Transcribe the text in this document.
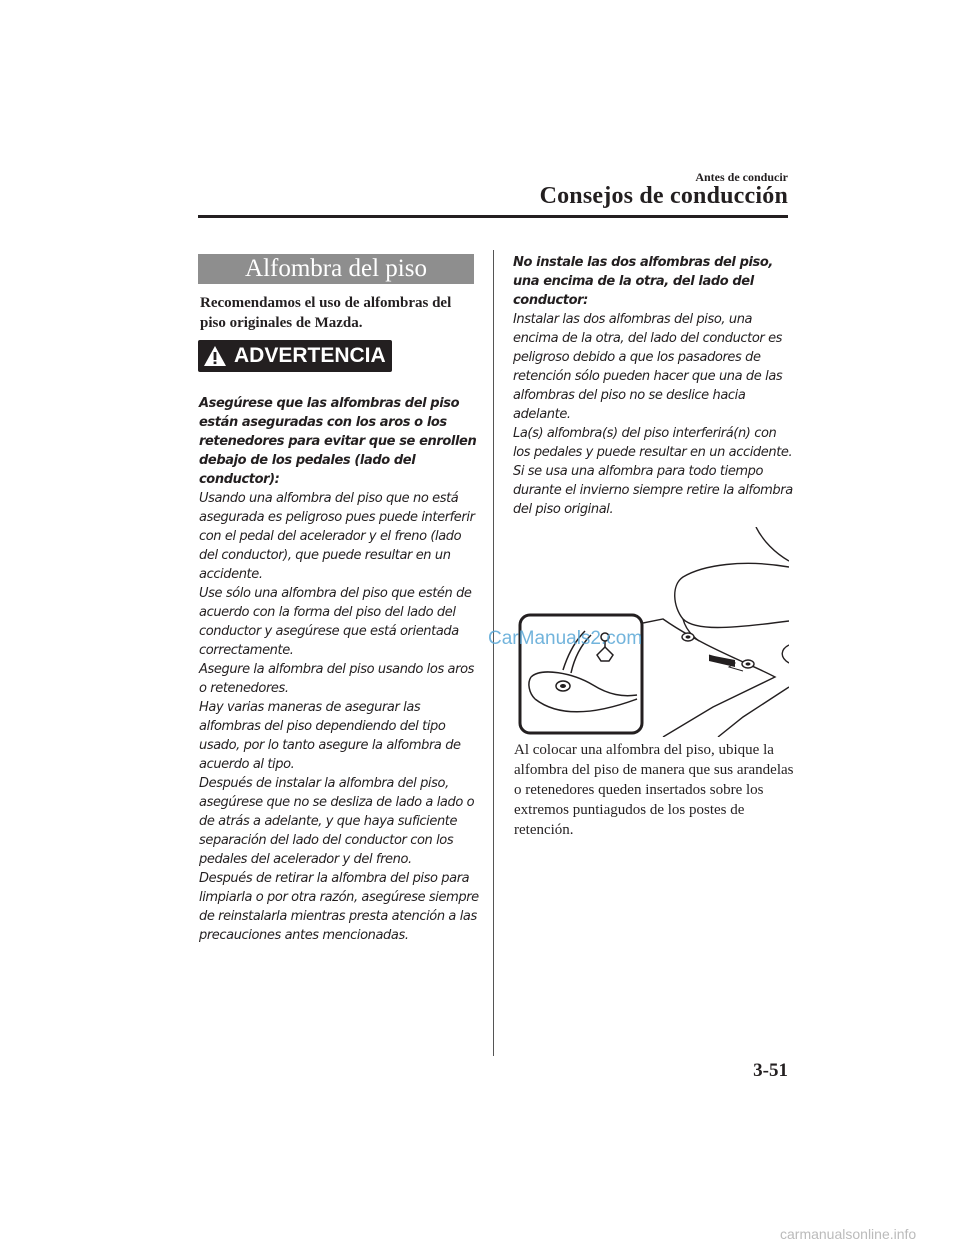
Antes de conducir
Consejos de conducción
Alfombra del piso
Recomendamos el uso de alfombras del piso originales de Mazda.
ADVERTENCIA
Asegúrese que las alfombras del piso están aseguradas con los aros o los retenedores para evitar que se enrollen debajo de los pedales (lado del conductor):
Usando una alfombra del piso que no está asegurada es peligroso pues puede interferir con el pedal del acelerador y el freno (lado del conductor), que puede resultar en un accidente.
Use sólo una alfombra del piso que estén de acuerdo con la forma del piso del lado del conductor y asegúrese que está orientada correctamente.
Asegure la alfombra del piso usando los aros o retenedores.
Hay varias maneras de asegurar las alfombras del piso dependiendo del tipo usado, por lo tanto asegure la alfombra de acuerdo al tipo.
Después de instalar la alfombra del piso, asegúrese que no se desliza de lado a lado o de atrás a adelante, y que haya suficiente separación del lado del conductor con los pedales del acelerador y del freno.
Después de retirar la alfombra del piso para limpiarla o por otra razón, asegúrese siempre de reinstalarla mientras presta atención a las precauciones antes mencionadas.
No instale las dos alfombras del piso, una encima de la otra, del lado del conductor:
Instalar las dos alfombras del piso, una encima de la otra, del lado del conductor es peligroso debido a que los pasadores de retención sólo pueden hacer que una de las alfombras del piso no se deslice hacia adelante.
La(s) alfombra(s) del piso interferirá(n) con los pedales y puede resultar en un accidente.
Si se usa una alfombra para todo tiempo durante el invierno siempre retire la alfombra del piso original.
CarManuals2.com
Al colocar una alfombra del piso, ubique la alfombra del piso de manera que sus arandelas o retenedores queden insertados sobre los extremos puntiagudos de los postes de retención.
3-51
carmanualsonline.info
